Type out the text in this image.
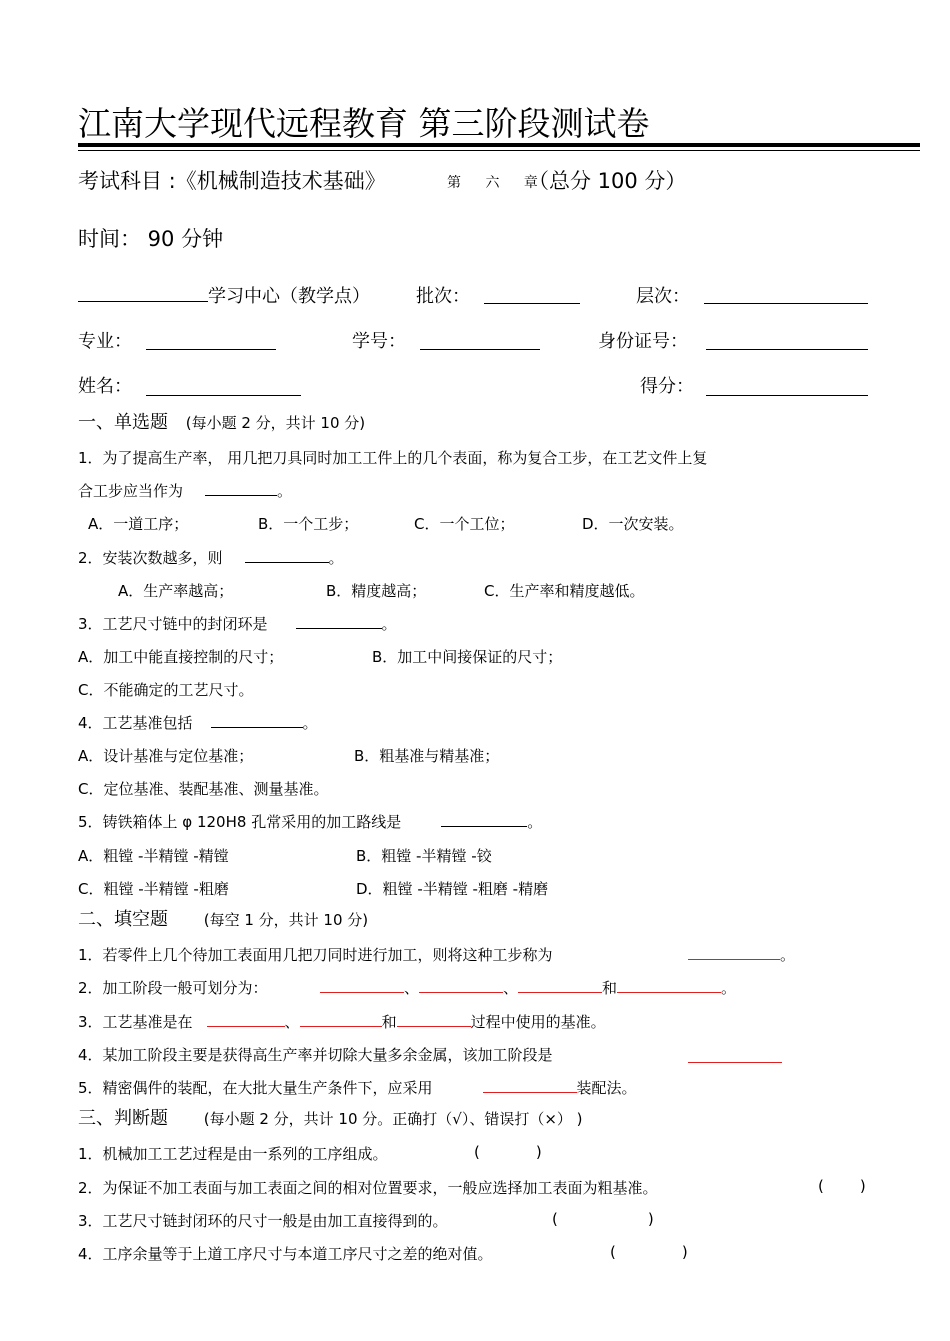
江南大学现代远程教育 第三阶段测试卷
考试科目 :《机械制造技术基础》	第 六 章
（总分 100 分）
时间： 90 分钟
学习中心（教学点）	批次：	层次：
专业：	学号：	身份证号：
姓名：	得分：
一、单选题 (每小题 2 分，共计 10 分)
1．为了提高生产率， 用几把刀具同时加工工件上的几个表面，称为复合工步，在工艺文件上复
合工步应当作为	。
A．一道工序；	B．一个工步；	C．一个工位；	D．一次安装。
2．安装次数越多，则	。
A．生产率越高；	B．精度越高；	C．生产率和精度越低。
3．工艺尺寸链中的封闭环是	。
A．加工中能直接控制的尺寸；	B．加工中间接保证的尺寸；
C．不能确定的工艺尺寸。
4．工艺基准包括	。
A．设计基准与定位基准；	B．粗基准与精基准；
C．定位基准、装配基准、测量基准。
5．铸铁箱体上 φ 120H8 孔常采用的加工路线是	。
A．粗镗 -半精镗 -精镗	B．粗镗 -半精镗 -铰
C．粗镗 -半精镗 -粗磨	D．粗镗 -半精镗 -粗磨 -精磨
二、填空题 (每空 1 分，共计 10 分)
1．若零件上几个待加工表面用几把刀同时进行加工，则将这种工步称为	。
2．加工阶段一般可划分为：	、	、	和	。
3．工艺基准是在	、	和	过程中使用的基准。
4．某加工阶段主要是获得高生产率并切除大量多余金属，该加工阶段是
5．精密偶件的装配，在大批大量生产条件下，应采用	装配法。
三、判断题 (每小题 2 分，共计 10 分。正确打（√）、错误打（×） )
1．机械加工工艺过程是由一系列的工序组成。	(	)
2．为保证不加工表面与加工表面之间的相对位置要求，一般应选择加工表面为粗基准。	( )
3．工艺尺寸链封闭环的尺寸一般是由加工直接得到的。	(	)
4．工序余量等于上道工序尺寸与本道工序尺寸之差的绝对值。	(	)
